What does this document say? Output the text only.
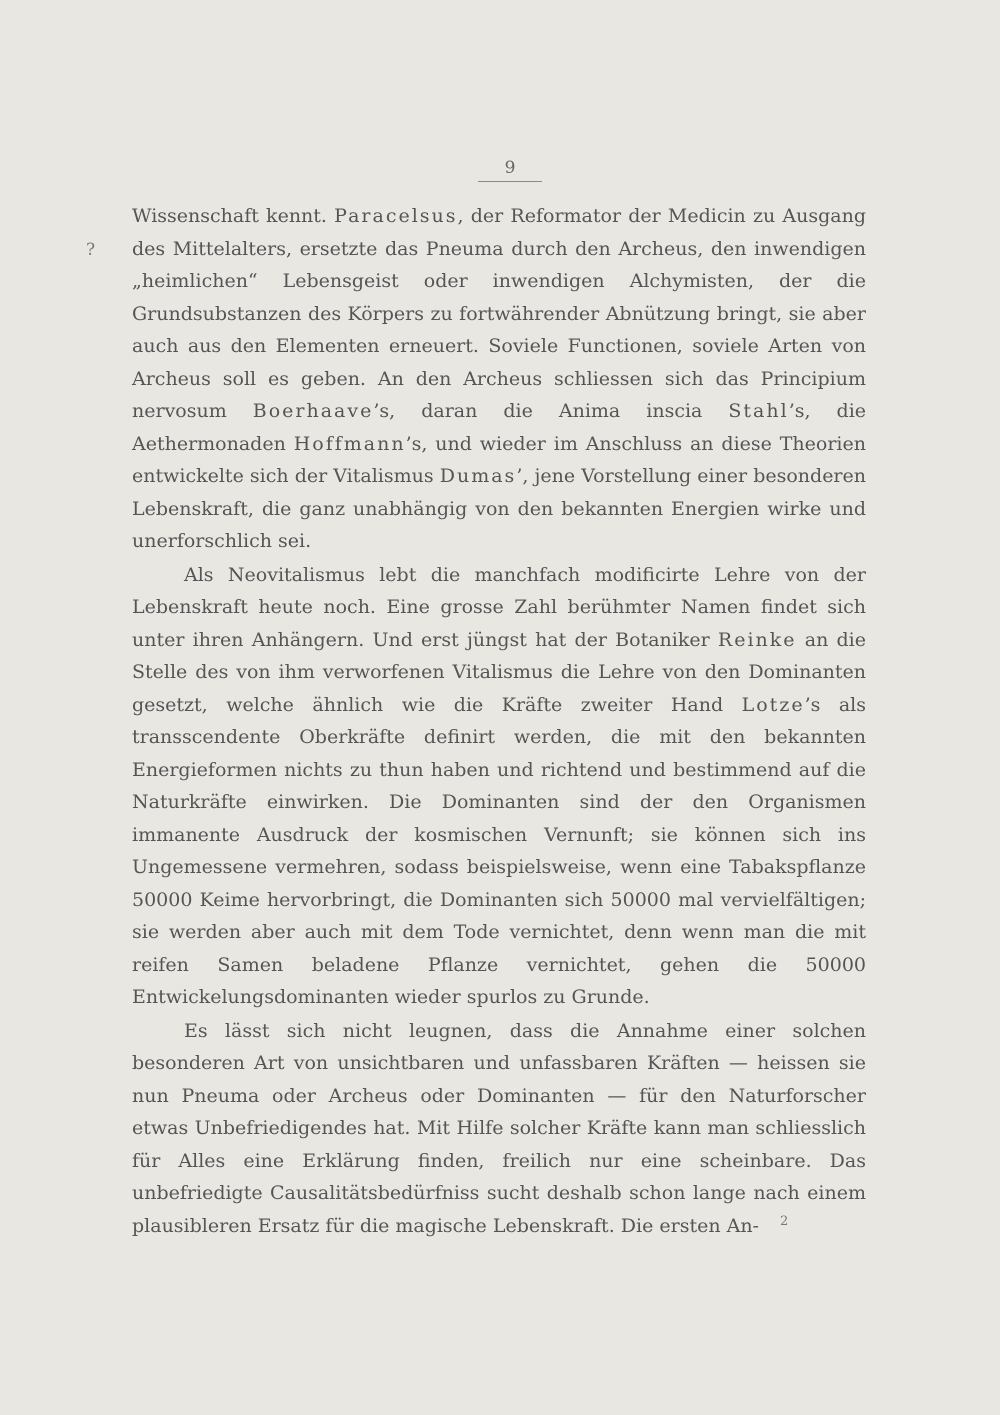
9
?

Wissenschaft kennt. Paracelsus, der Reformator der Medicin zu Ausgang des Mittelalters, ersetzte das Pneuma durch den Archeus, den inwendigen „heimlichen“ Lebensgeist oder inwendigen Alchymisten, der die Grundsubstanzen des Körpers zu fortwährender Abnützung bringt, sie aber auch aus den Elementen erneuert. Soviele Functionen, soviele Arten von Archeus soll es geben. An den Archeus schliessen sich das Principium nervosum Boerhaave’s, daran die Anima inscia Stahl’s, die Aethermonaden Hoffmann’s, und wieder im Anschluss an diese Theorien entwickelte sich der Vitalismus Dumas’, jene Vorstellung einer besonderen Lebenskraft, die ganz unabhängig von den bekannten Energien wirke und unerforschlich sei.

Als Neovitalismus lebt die manchfach modificirte Lehre von der Lebenskraft heute noch. Eine grosse Zahl berühmter Namen findet sich unter ihren Anhängern. Und erst jüngst hat der Botaniker Reinke an die Stelle des von ihm verworfenen Vitalismus die Lehre von den Dominanten gesetzt, welche ähnlich wie die Kräfte zweiter Hand Lotze’s als transscendente Oberkräfte definirt werden, die mit den bekannten Energieformen nichts zu thun haben und richtend und bestimmend auf die Naturkräfte einwirken. Die Dominanten sind der den Organismen immanente Ausdruck der kosmischen Vernunft; sie können sich ins Ungemessene vermehren, sodass beispielsweise, wenn eine Tabakspflanze 50000 Keime hervorbringt, die Dominanten sich 50000 mal vervielfältigen; sie werden aber auch mit dem Tode vernichtet, denn wenn man die mit reifen Samen beladene Pflanze vernichtet, gehen die 50000 Entwickelungsdominanten wieder spurlos zu Grunde.

Es lässt sich nicht leugnen, dass die Annahme einer solchen besonderen Art von unsichtbaren und unfassbaren Kräften — heissen sie nun Pneuma oder Archeus oder Dominanten — für den Naturforscher etwas Unbefriedigendes hat. Mit Hilfe solcher Kräfte kann man schliesslich für Alles eine Erklärung finden, freilich nur eine scheinbare. Das unbefriedigte Causalitätsbedürfniss sucht deshalb schon lange nach einem plausibleren Ersatz für die magische Lebenskraft. Die ersten An-	2
